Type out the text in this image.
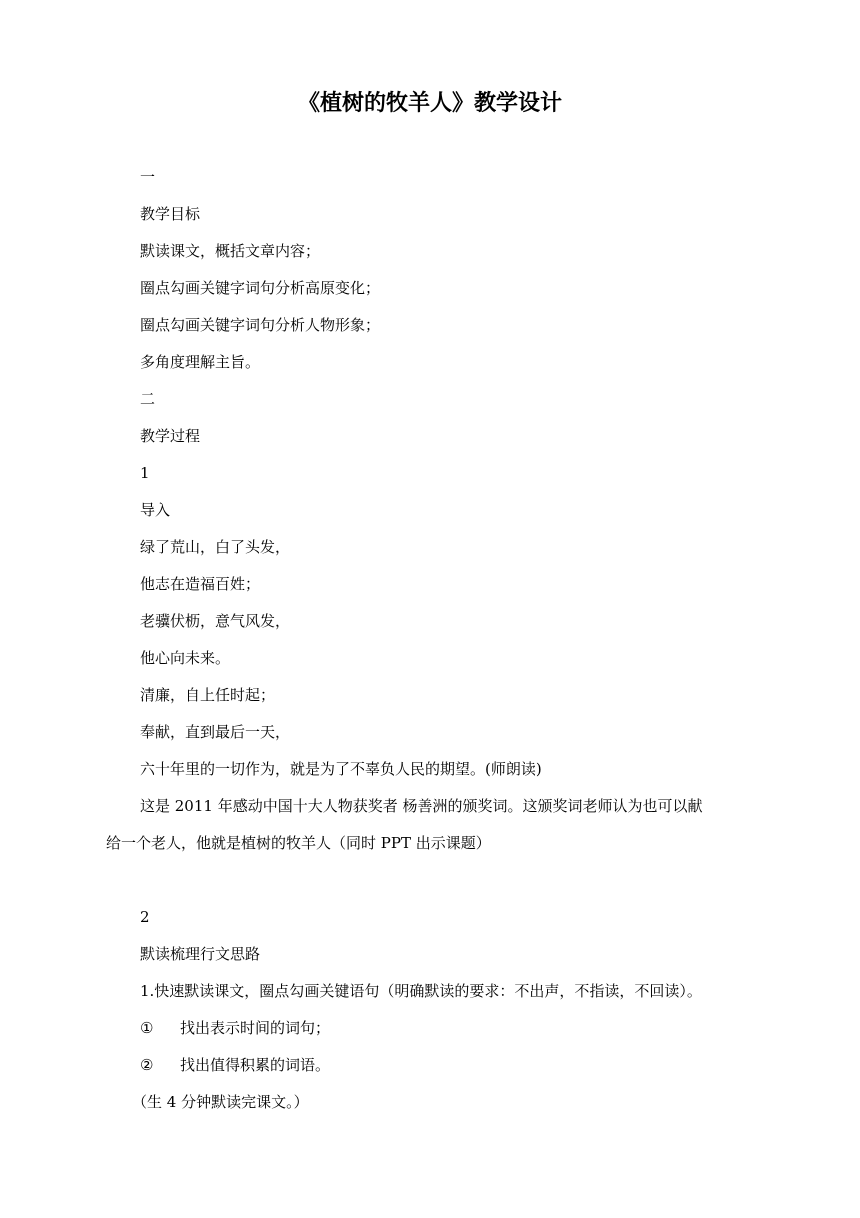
《植树的牧羊人》教学设计
一
教学目标
默读课文，概括文章内容；
圈点勾画关键字词句分析高原变化；
圈点勾画关键字词句分析人物形象；
多角度理解主旨。
二
教学过程
1
导入
绿了荒山，白了头发，
他志在造福百姓；
老骥伏枥，意气风发，
他心向未来。
清廉，自上任时起；
奉献，直到最后一天，
六十年里的一切作为，就是为了不辜负人民的期望。(师朗读)
这是 2011 年感动中国十大人物获奖者 杨善洲的颁奖词。这颁奖词老师认为也可以献
给一个老人，他就是植树的牧羊人（同时 PPT 出示课题）
2
默读梳理行文思路
1.快速默读课文，圈点勾画关键语句（明确默读的要求：不出声，不指读，不回读）。
① 找出表示时间的词句；
② 找出值得积累的词语。
（生 4 分钟默读完课文。）
